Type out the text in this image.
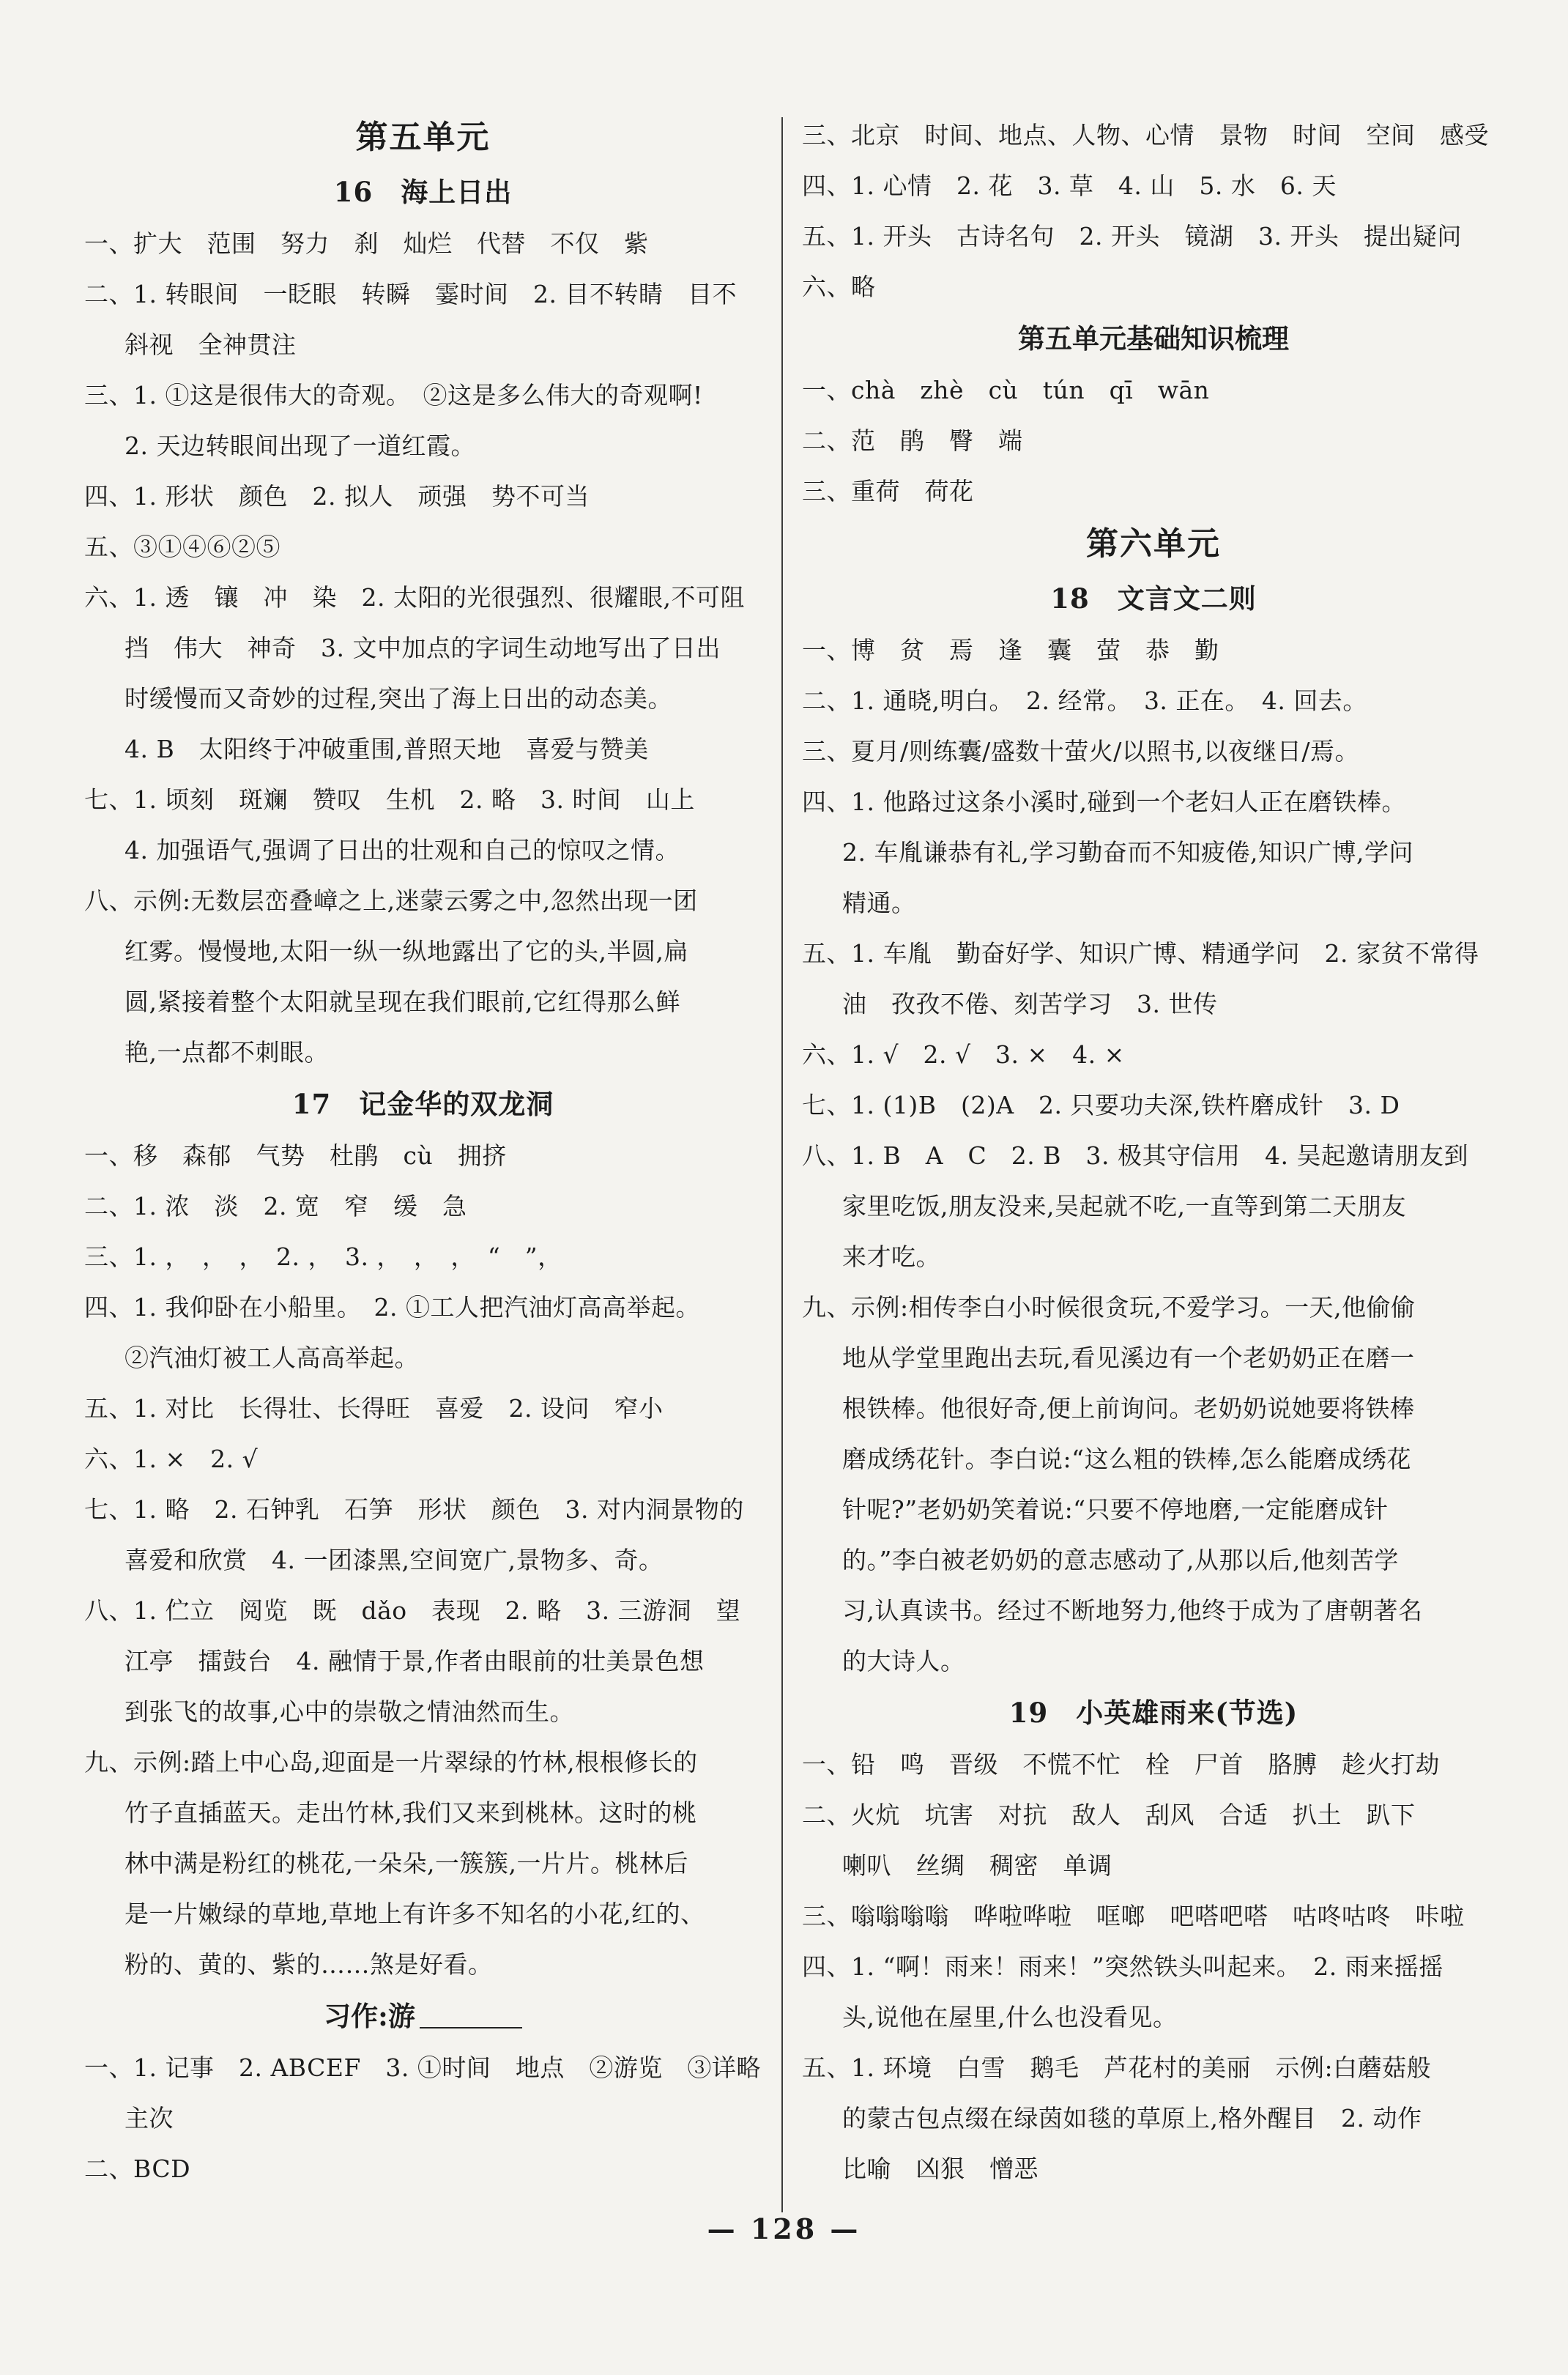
第五单元
16　海上日出
一、扩大　范围　努力　刹　灿烂　代替　不仅　紫
二、1. 转眼间　一眨眼　转瞬　霎时间　2. 目不转睛　目不
斜视　全神贯注
三、1. ①这是很伟大的奇观。　②这是多么伟大的奇观啊!
2. 天边转眼间出现了一道红霞。
四、1. 形状　颜色　2. 拟人　顽强　势不可当
五、③①④⑥②⑤
六、1. 透　镶　冲　染　2. 太阳的光很强烈、很耀眼,不可阻
挡　伟大　神奇　3. 文中加点的字词生动地写出了日出
时缓慢而又奇妙的过程,突出了海上日出的动态美。
4. B　太阳终于冲破重围,普照天地　喜爱与赞美
七、1. 顷刻　斑斓　赞叹　生机　2. 略　3. 时间　山上
4. 加强语气,强调了日出的壮观和自己的惊叹之情。
八、示例:无数层峦叠嶂之上,迷蒙云雾之中,忽然出现一团
红雾。慢慢地,太阳一纵一纵地露出了它的头,半圆,扁
圆,紧接着整个太阳就呈现在我们眼前,它红得那么鲜
艳,一点都不刺眼。
17　记金华的双龙洞
一、移　森郁　气势　杜鹃　cù　拥挤
二、1. 浓　淡　2. 宽　窄　缓　急
三、1. ，　，　，　2. ，　3. ，　，　，　“　”，
四、1. 我仰卧在小船里。　2. ①工人把汽油灯高高举起。
②汽油灯被工人高高举起。
五、1. 对比　长得壮、长得旺　喜爱　2. 设问　窄小
六、1. ×　2. √
七、1. 略　2. 石钟乳　石笋　形状　颜色　3. 对内洞景物的
喜爱和欣赏　4. 一团漆黑,空间宽广,景物多、奇。
八、1. 伫立　阅览　既　dǎo　表现　2. 略　3. 三游洞　望
江亭　擂鼓台　4. 融情于景,作者由眼前的壮美景色想
到张飞的故事,心中的崇敬之情油然而生。
九、示例:踏上中心岛,迎面是一片翠绿的竹林,根根修长的
竹子直插蓝天。走出竹林,我们又来到桃林。这时的桃
林中满是粉红的桃花,一朵朵,一簇簇,一片片。桃林后
是一片嫩绿的草地,草地上有许多不知名的小花,红的、
粉的、黄的、紫的……煞是好看。
习作:游
一、1. 记事　2. ABCEF　3. ①时间　地点　②游览　③详略
主次
二、BCD
三、北京　时间、地点、人物、心情　景物　时间　空间　感受
四、1. 心情　2. 花　3. 草　4. 山　5. 水　6. 天
五、1. 开头　古诗名句　2. 开头　镜湖　3. 开头　提出疑问
六、略
第五单元基础知识梳理
一、chà　zhè　cù　tún　qī　wān
二、范　鹃　臀　端
三、重荷　荷花
第六单元
18　文言文二则
一、博　贫　焉　逢　囊　萤　恭　勤
二、1. 通晓,明白。　2. 经常。　3. 正在。　4. 回去。
三、夏月/则练囊/盛数十萤火/以照书,以夜继日/焉。
四、1. 他路过这条小溪时,碰到一个老妇人正在磨铁棒。
2. 车胤谦恭有礼,学习勤奋而不知疲倦,知识广博,学问
精通。
五、1. 车胤　勤奋好学、知识广博、精通学问　2. 家贫不常得
油　孜孜不倦、刻苦学习　3. 世传
六、1. √　2. √　3. ×　4. ×
七、1. (1)B　(2)A　2. 只要功夫深,铁杵磨成针　3. D
八、1. B　A　C　2. B　3. 极其守信用　4. 吴起邀请朋友到
家里吃饭,朋友没来,吴起就不吃,一直等到第二天朋友
来才吃。
九、示例:相传李白小时候很贪玩,不爱学习。一天,他偷偷
地从学堂里跑出去玩,看见溪边有一个老奶奶正在磨一
根铁棒。他很好奇,便上前询问。老奶奶说她要将铁棒
磨成绣花针。李白说:“这么粗的铁棒,怎么能磨成绣花
针呢?”老奶奶笑着说:“只要不停地磨,一定能磨成针
的。”李白被老奶奶的意志感动了,从那以后,他刻苦学
习,认真读书。经过不断地努力,他终于成为了唐朝著名
的大诗人。
19　小英雄雨来(节选)
一、铅　鸣　晋级　不慌不忙　栓　尸首　胳膊　趁火打劫
二、火炕　坑害　对抗　敌人　刮风　合适　扒土　趴下
喇叭　丝绸　稠密　单调
三、嗡嗡嗡嗡　哗啦哗啦　哐啷　吧嗒吧嗒　咕咚咕咚　咔啦
四、1. “啊！雨来！雨来！”突然铁头叫起来。　2. 雨来摇摇
头,说他在屋里,什么也没看见。
五、1. 环境　白雪　鹅毛　芦花村的美丽　示例:白蘑菇般
的蒙古包点缀在绿茵如毯的草原上,格外醒目　2. 动作
比喻　凶狠　憎恶
— 128 —
